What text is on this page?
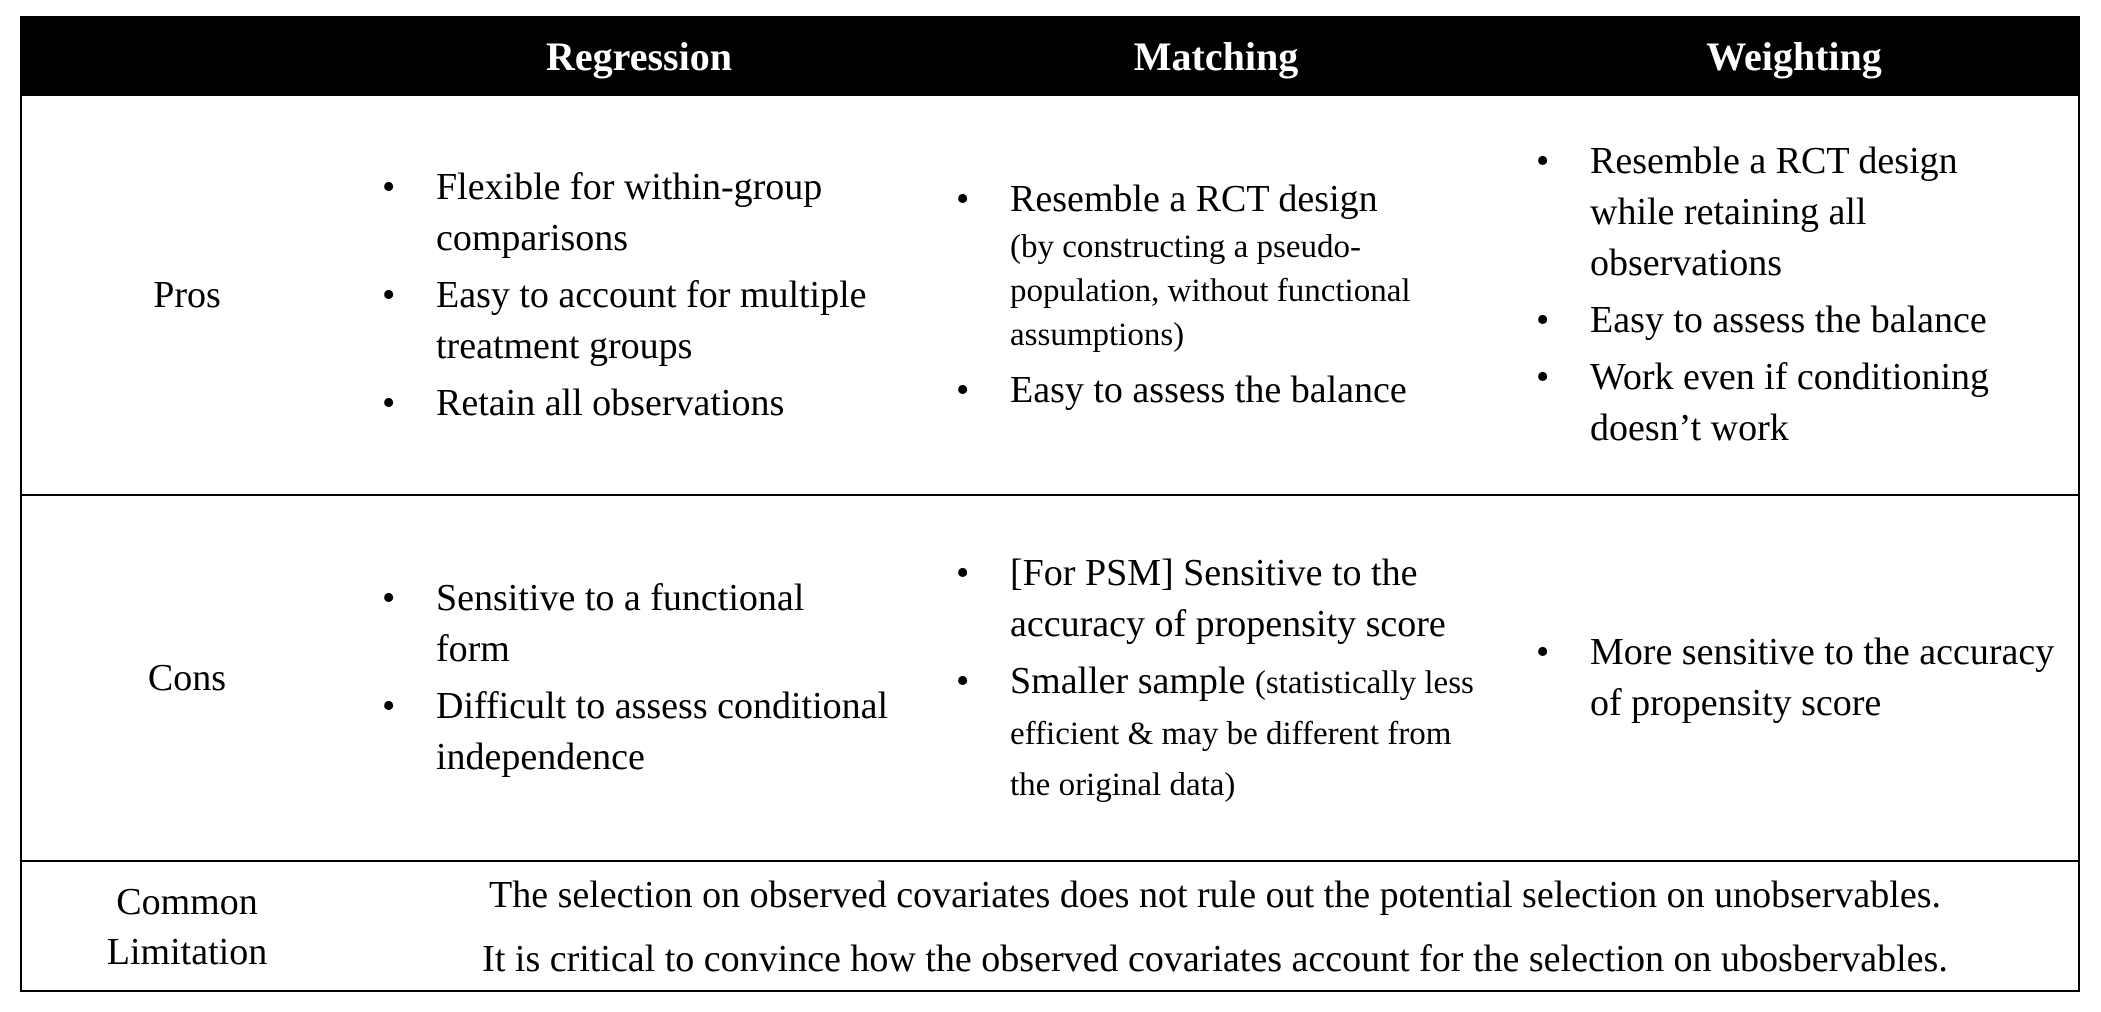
Regression	Matching	Weighting
Pros
• Flexible for within-group comparisons
• Easy to account for multiple treatment groups
• Retain all observations
• Resemble a RCT design
(by constructing a pseudo-population, without functional assumptions)
• Easy to assess the balance
• Resemble a RCT design while retaining all observations
• Easy to assess the balance
• Work even if conditioning doesn’t work
Cons
• Sensitive to a functional form
• Difficult to assess conditional independence
• [For PSM] Sensitive to the accuracy of propensity score
• Smaller sample (statistically less efficient & may be different from the original data)
• More sensitive to the accuracy of propensity score
Common Limitation
The selection on observed covariates does not rule out the potential selection on unobservables.
It is critical to convince how the observed covariates account for the selection on ubosbervables.
